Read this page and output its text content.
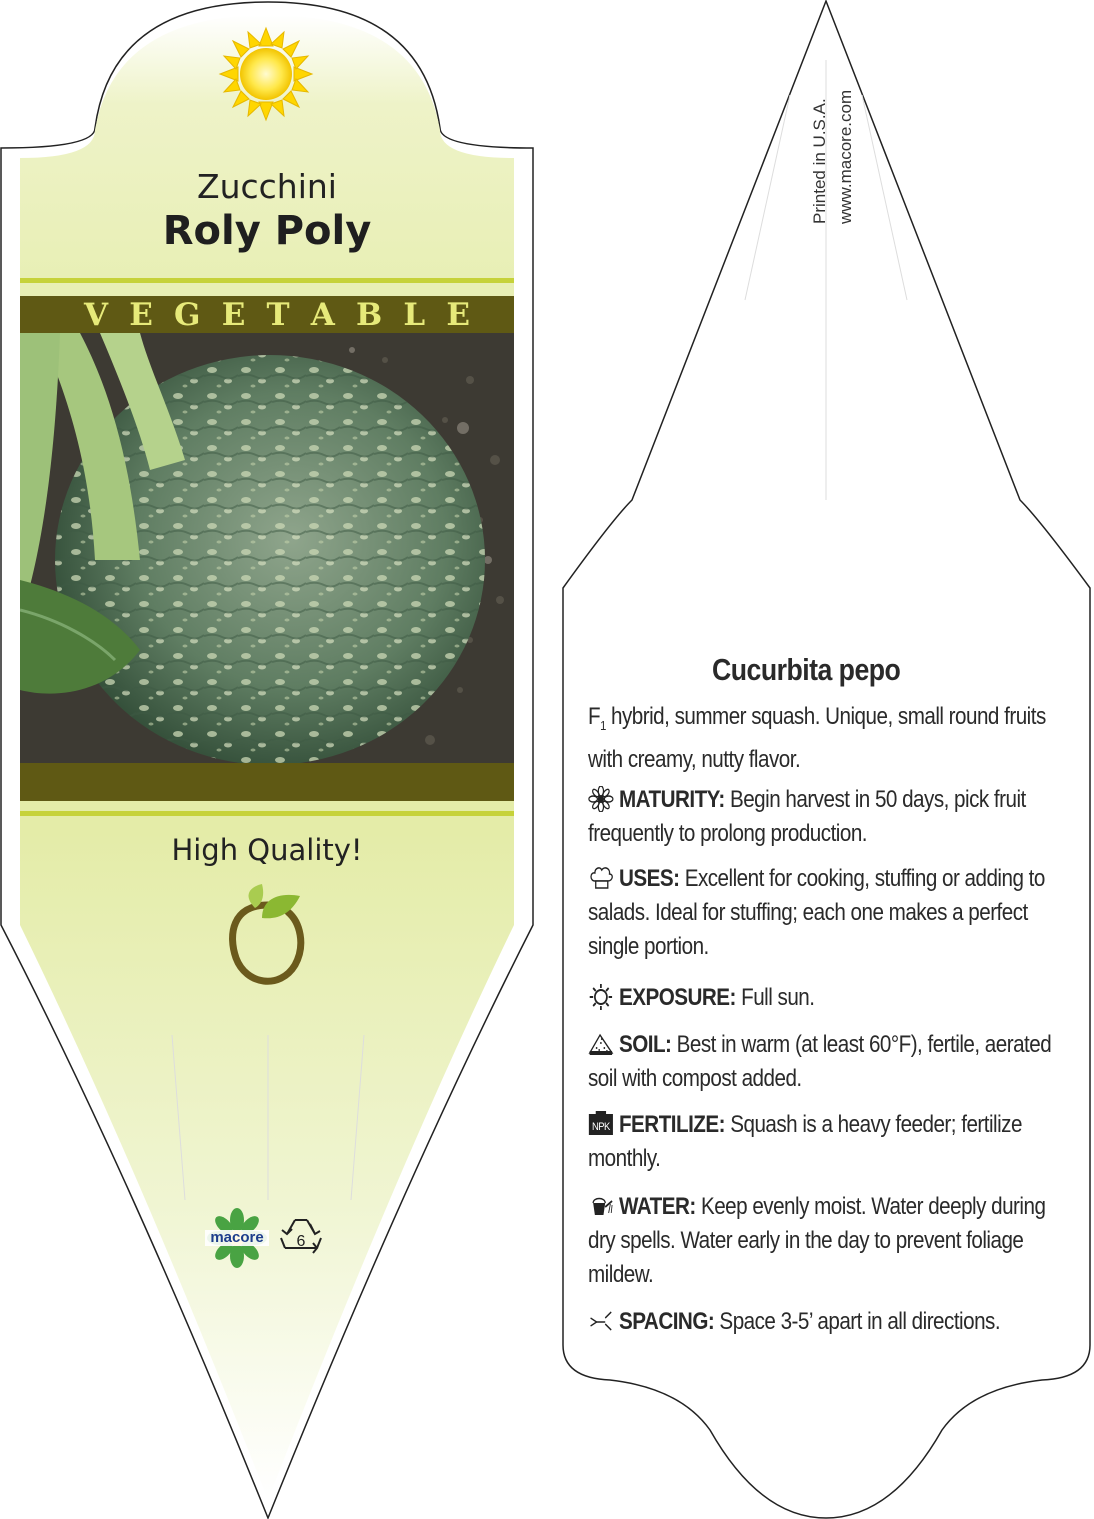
Zucchini
Roly Poly
V E G E T A B L E
High Quality!
macore	6
Printed in U.S.A. www.macore.com
Cucurbita pepo
$F_1$ hybrid, summer squash. Unique, small round fruits with creamy, nutty flavor.
MATURITY: Begin harvest in 50 days, pick fruit frequently to prolong production.
USES: Excellent for cooking, stuffing or adding to salads. Ideal for stuffing; each one makes a perfect single portion.
EXPOSURE: Full sun.
SOIL: Best in warm (at least 60°F), fertile, aerated soil with compost added.
NPK FERTILIZE: Squash is a heavy feeder; fertilize monthly.
WATER: Keep evenly moist. Water deeply during dry spells. Water early in the day to prevent foliage mildew.
SPACING: Space 3-5’ apart in all directions.
